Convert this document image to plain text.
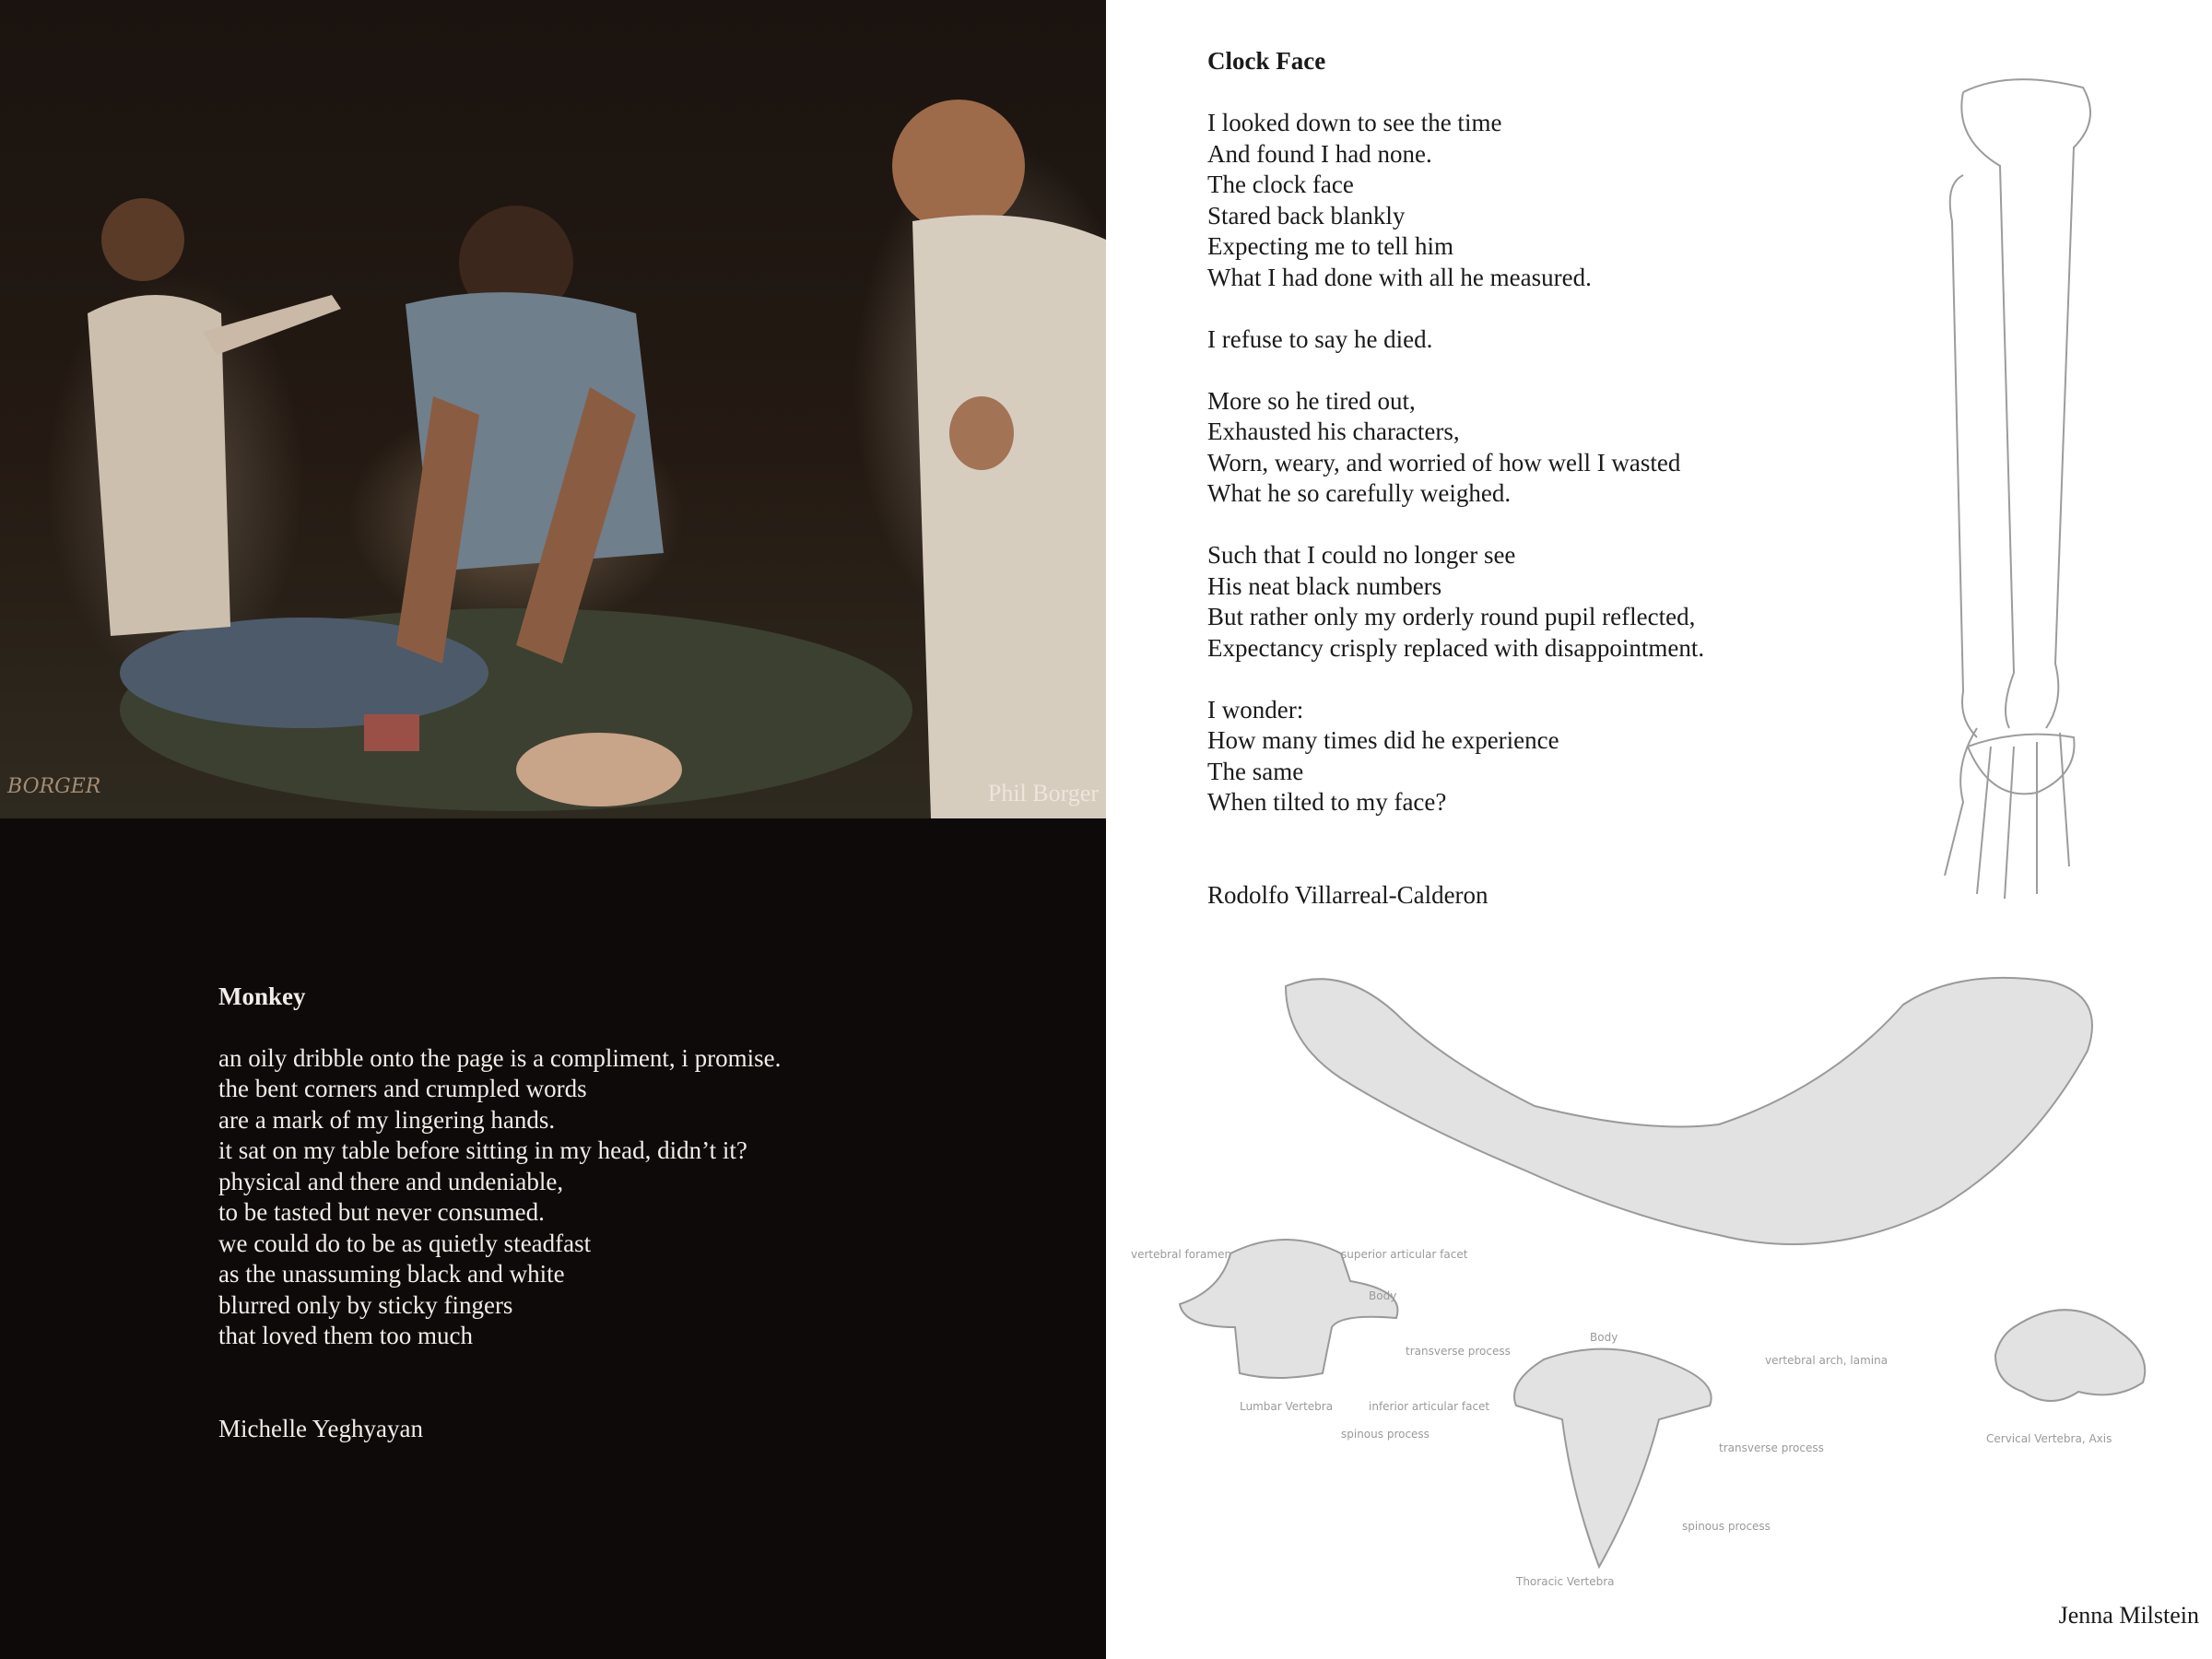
BORGER	Phil Borger
Monkey
an oily dribble onto the page is a compliment, i promise.
the bent corners and crumpled words
are a mark of my lingering hands.
it sat on my table before sitting in my head, didn’t it?
physical and there and undeniable,
to be tasted but never consumed.
we could do to be as quietly steadfast
as the unassuming black and white
blurred only by sticky fingers
that loved them too much
Michelle Yeghyayan
Clock Face
I looked down to see the time
And found I had none.
The clock face
Stared back blankly
Expecting me to tell him
What I had done with all he measured.
I refuse to say he died.
More so he tired out,
Exhausted his characters,
Worn, weary, and worried of how well I wasted
What he so carefully weighed.
Such that I could no longer see
His neat black numbers
But rather only my orderly round pupil reflected,
Expectancy crisply replaced with disappointment.
I wonder:
How many times did he experience
The same
When tilted to my face?
Rodolfo Villarreal-Calderon
vertebral foramen	superior articular facet
Body
transverse process
Lumbar Vertebra
spinous process
inferior articular facet
Body
vertebral arch, lamina
transverse process
spinous process
Thoracic Vertebra
Cervical Vertebra, Axis
Jenna Milstein
